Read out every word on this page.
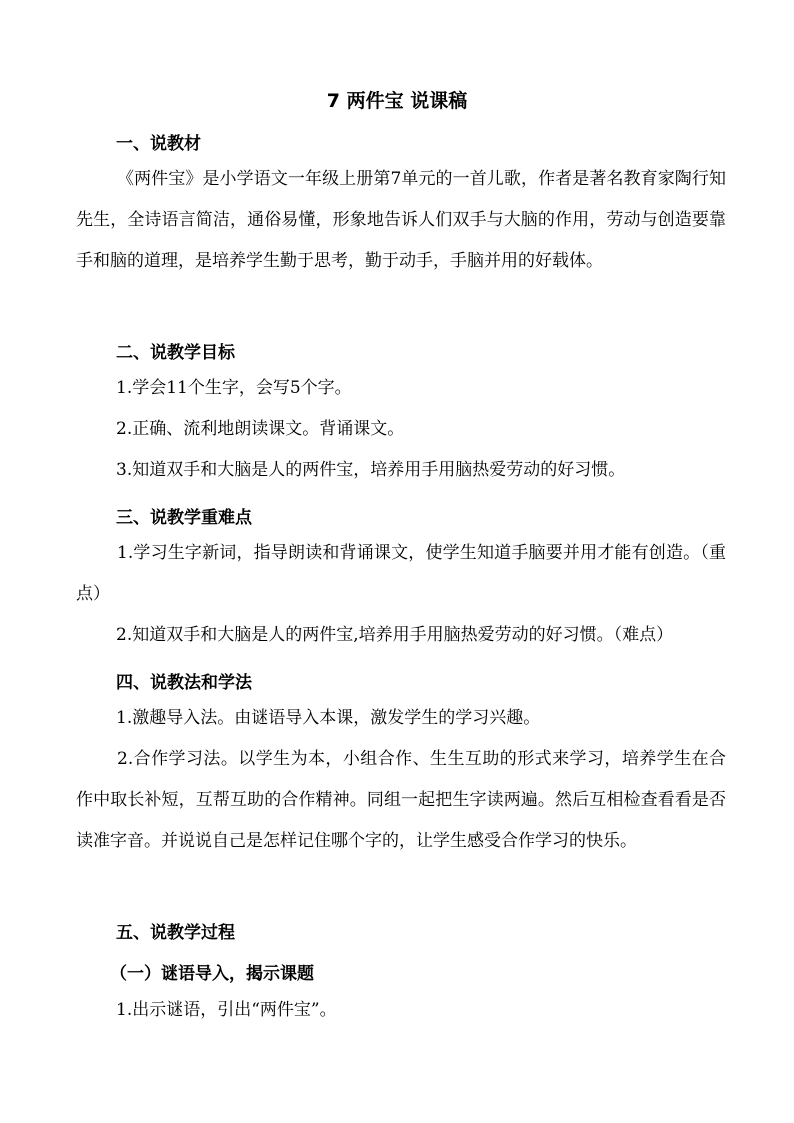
7 两件宝 说课稿
一、说教材

《两件宝》是小学语文一年级上册第7单元的一首儿歌，作者是著名教育家陶行知先生，全诗语言简洁，通俗易懂，形象地告诉人们双手与大脑的作用，劳动与创造要靠手和脑的道理，是培养学生勤于思考，勤于动手，手脑并用的好载体。

二、说教学目标

1.学会11个生字，会写5个字。

2.正确、流利地朗读课文。背诵课文。

3.知道双手和大脑是人的两件宝，培养用手用脑热爱劳动的好习惯。

三、说教学重难点

1.学习生字新词，指导朗读和背诵课文，使学生知道手脑要并用才能有创造。（重点）

2.知道双手和大脑是人的两件宝,培养用手用脑热爱劳动的好习惯。（难点）

四、说教法和学法

1.激趣导入法。由谜语导入本课，激发学生的学习兴趣。

2.合作学习法。以学生为本，小组合作、生生互助的形式来学习，培养学生在合作中取长补短，互帮互助的合作精神。同组一起把生字读两遍。然后互相检查看看是否读准字音。并说说自己是怎样记住哪个字的，让学生感受合作学习的快乐。

五、说教学过程
（一）谜语导入，揭示课题

1.出示谜语，引出“两件宝”。
